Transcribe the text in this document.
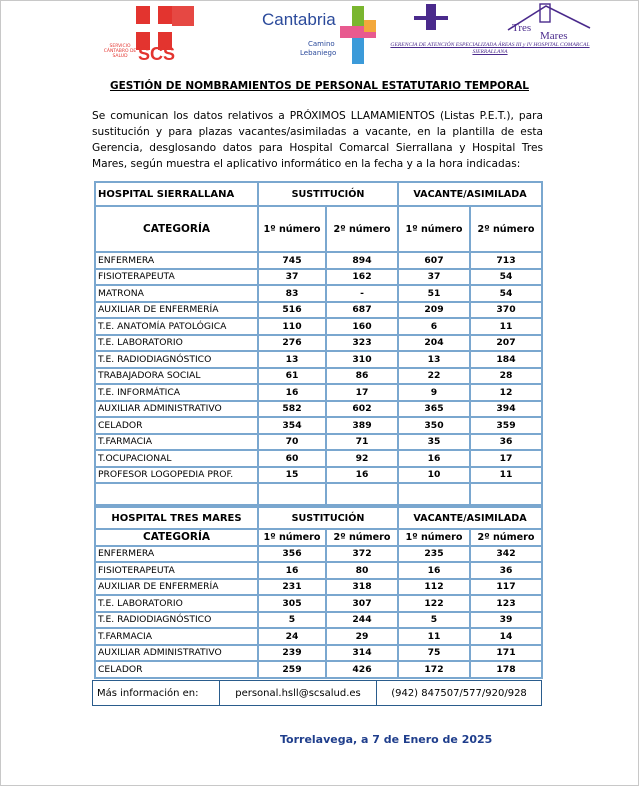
SERVICIO CÁNTABRO DE SALUD SCS
Cantabria
Camino
Lebaniego
Tres
Mares
GERENCIA DE ATENCIÓN ESPECIALIZADA ÁREAS III y IV HOSPITAL COMARCAL SIERRALLANA
GESTIÓN DE NOMBRAMIENTOS DE PERSONAL ESTATUTARIO TEMPORAL
Se comunican los datos relativos a PRÓXIMOS LLAMAMIENTOS (Listas P.E.T.), para sustitución y para plazas vacantes/asimiladas a vacante, en la plantilla de esta Gerencia, desglosando datos para Hospital Comarcal Sierrallana y Hospital Tres Mares, según muestra el aplicativo informático en la fecha y a la hora indicadas:
HOSPITAL SIERRALLANA	SUSTITUCIÓN		VACANTE/ASIMILADA	
CATEGORÍA	1º número	2º número	1º número	2º número
ENFERMERA	745	894	607	713
FISIOTERAPEUTA	37	162	37	54
MATRONA	83	-	51	54
AUXILIAR DE ENFERMERÍA	516	687	209	370
T.E. ANATOMÍA PATOLÓGICA	110	160	6	11
T.E. LABORATORIO	276	323	204	207
T.E. RADIODIAGNÓSTICO	13	310	13	184
TRABAJADORA SOCIAL	61	86	22	28
T.E. INFORMÁTICA	16	17	9	12
AUXILIAR ADMINISTRATIVO	582	602	365	394
CELADOR	354	389	350	359
T.FARMACIA	70	71	35	36
T.OCUPACIONAL	60	92	16	17
PROFESOR LOGOPEDIA PROF.	15	16	10	11

HOSPITAL TRES MARES	SUSTITUCIÓN		VACANTE/ASIMILADA	
CATEGORÍA	1º número	2º número	1º número	2º número
ENFERMERA	356	372	235	342
FISIOTERAPEUTA	16	80	16	36
AUXILIAR DE ENFERMERÍA	231	318	112	117
T.E. LABORATORIO	305	307	122	123
T.E. RADIODIAGNÓSTICO	5	244	5	39
T.FARMACIA	24	29	11	14
AUXILIAR ADMINISTRATIVO	239	314	75	171
CELADOR	259	426	172	178
Más información en:	personal.hsll@scsalud.es	(942) 847507/577/920/928
Torrelavega, a 7 de Enero de 2025
